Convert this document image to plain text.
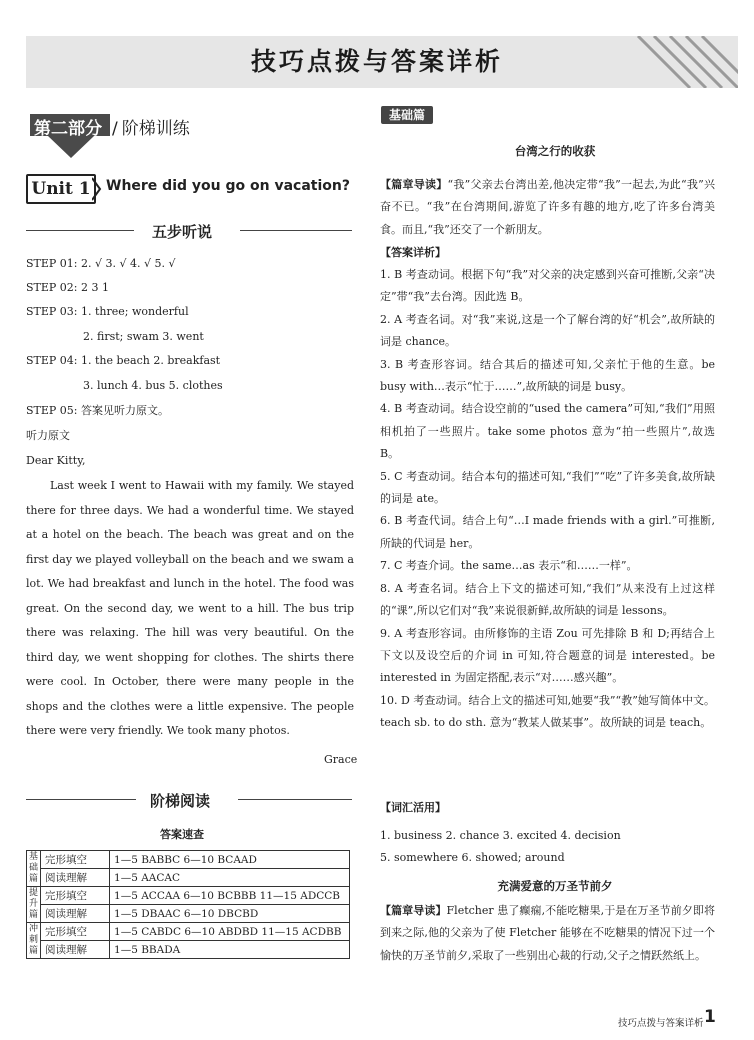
技巧点拨与答案详析
第二部分 / 阶梯训练
Unit 1	Where did you go on vacation?
五步听说
STEP 01: 2. √ 3. √ 4. √ 5. √
STEP 02: 2 3 1
STEP 03: 1. three; wonderful
2. first; swam 3. went
STEP 04: 1. the beach 2. breakfast
3. lunch 4. bus 5. clothes
STEP 05: 答案见听力原文。
听力原文
Dear Kitty,
Last week I went to Hawaii with my family. We stayed there for three days. We had a wonderful time. We stayed at a hotel on the beach. The beach was great and on the first day we played volleyball on the beach and we swam a lot. We had breakfast and lunch in the hotel. The food was great. On the second day, we went to a hill. The bus trip there was relaxing. The hill was very beautiful. On the third day, we went shopping for clothes. The shirts there were cool. In October, there were many people in the shops and the clothes were a little expensive. The people there were very friendly. We took many photos.
Grace
阶梯阅读
答案速查
基础篇	完形填空	1—5 BABBC 6—10 BCAAD
	阅读理解	1—5 AACAC
提升篇	完形填空	1—5 ACCAA 6—10 BCBBB 11—15 ADCCB
	阅读理解	1—5 DBAAC 6—10 DBCBD
冲刺篇	完形填空	1—5 CABDC 6—10 ABDBD 11—15 ACDBB
	阅读理解	1—5 BBADA
基础篇
台湾之行的收获
【篇章导读】“我”父亲去台湾出差,他决定带“我”一起去,为此“我”兴奋不已。“我”在台湾期间,游览了许多有趣的地方,吃了许多台湾美食。而且,“我”还交了一个新朋友。
【答案详析】
1. B 考查动词。根据下句“我”对父亲的决定感到兴奋可推断,父亲“决定”带“我”去台湾。因此选 B。
2. A 考查名词。对“我”来说,这是一个了解台湾的好“机会”,故所缺的词是 chance。
3. B 考查形容词。结合其后的描述可知,父亲忙于他的生意。be busy with…表示“忙于……”,故所缺的词是 busy。
4. B 考查动词。结合设空前的“used the camera”可知,“我们”用照相机拍了一些照片。take some photos 意为“拍一些照片”,故选 B。
5. C 考查动词。结合本句的描述可知,“我们”“吃”了许多美食,故所缺的词是 ate。
6. B 考查代词。结合上句“…I made friends with a girl.”可推断,所缺的代词是 her。
7. C 考查介词。the same…as 表示“和……一样”。
8. A 考查名词。结合上下文的描述可知,“我们”从来没有上过这样的“课”,所以它们对“我”来说很新鲜,故所缺的词是 lessons。
9. A 考查形容词。由所修饰的主语 Zou 可先排除 B 和 D;再结合上下文以及设空后的介词 in 可知,符合题意的词是 interested。be interested in 为固定搭配,表示“对……感兴趣”。
10. D 考查动词。结合上文的描述可知,她要“我”“教”她写简体中文。teach sb. to do sth. 意为“教某人做某事”。故所缺的词是 teach。
【词汇活用】
1. business 2. chance 3. excited 4. decision
5. somewhere 6. showed; around
充满爱意的万圣节前夕
【篇章导读】Fletcher 患了癫痫,不能吃糖果,于是在万圣节前夕即将到来之际,他的父亲为了使 Fletcher 能够在不吃糖果的情况下过一个愉快的万圣节前夕,采取了一些别出心裁的行动,父子之情跃然纸上。
技巧点拨与答案详析 1
